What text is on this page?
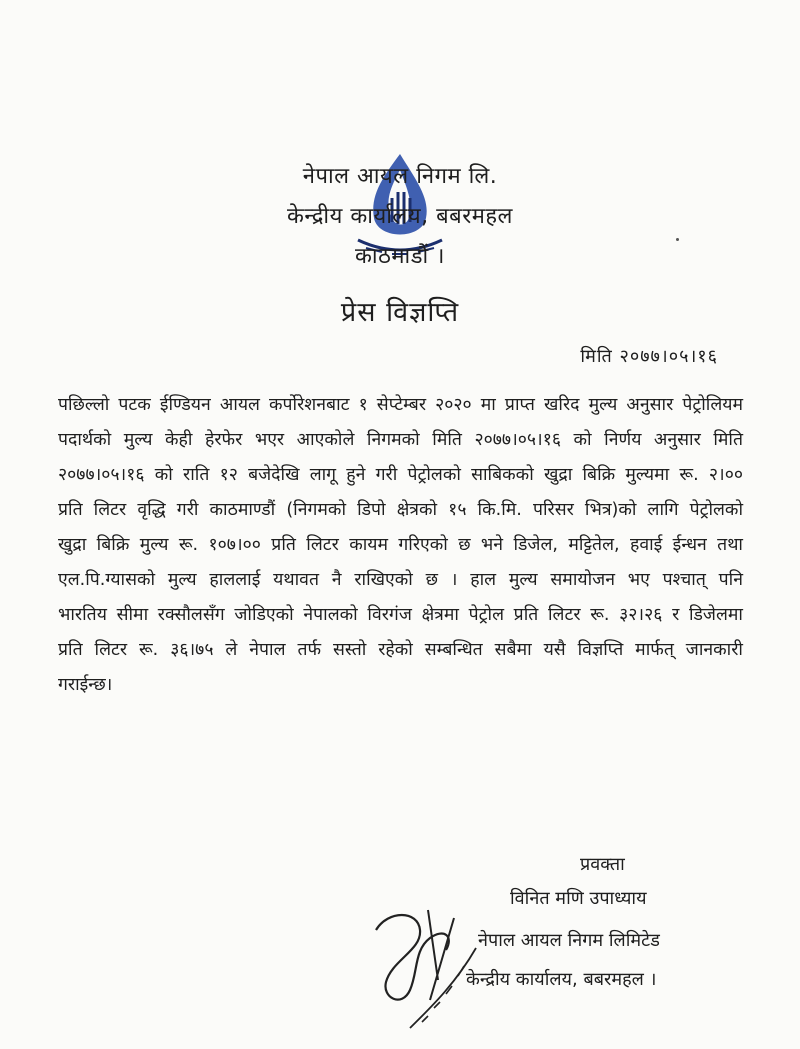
नेपाल आयल निगम लि.
केन्द्रीय कार्यालय, बबरमहल
काठमाडौं ।
प्रेस विज्ञप्ति
मिति २०७७।०५।१६
पछिल्लो पटक ईण्डियन आयल कर्पोरेशनबाट १ सेप्टेम्बर २०२० मा प्राप्त खरिद मुल्य अनुसार पेट्रोलियम पदार्थको मुल्य केही हेरफेर भएर आएकोले निगमको मिति २०७७।०५।१६ को निर्णय अनुसार मिति २०७७।०५।१६ को राति १२ बजेदेखि लागू हुने गरी पेट्रोलको साबिकको खुद्रा बिक्रि मुल्यमा रू. २।०० प्रति लिटर वृद्धि गरी काठमाण्डौं (निगमको डिपो क्षेत्रको १५ कि.मि. परिसर भित्र)को लागि पेट्रोलको खुद्रा बिक्रि मुल्य रू. १०७।०० प्रति लिटर कायम गरिएको छ भने डिजेल, मट्टितेल, हवाई ईन्धन तथा एल.पि.ग्यासको मुल्य हाललाई यथावत नै राखिएको छ । हाल मुल्य समायोजन भए पश्चात् पनि भारतिय सीमा रक्सौलसँग जोडिएको नेपालको विरगंज क्षेत्रमा पेट्रोल प्रति लिटर रू. ३२।२६ र डिजेलमा प्रति लिटर रू. ३६।७५ ले नेपाल तर्फ सस्तो रहेको सम्बन्धित सबैमा यसै विज्ञप्ति मार्फत् जानकारी गराईन्छ।
प्रवक्ता
विनित मणि उपाध्याय
नेपाल आयल निगम लिमिटेड
केन्द्रीय कार्यालय, बबरमहल ।
